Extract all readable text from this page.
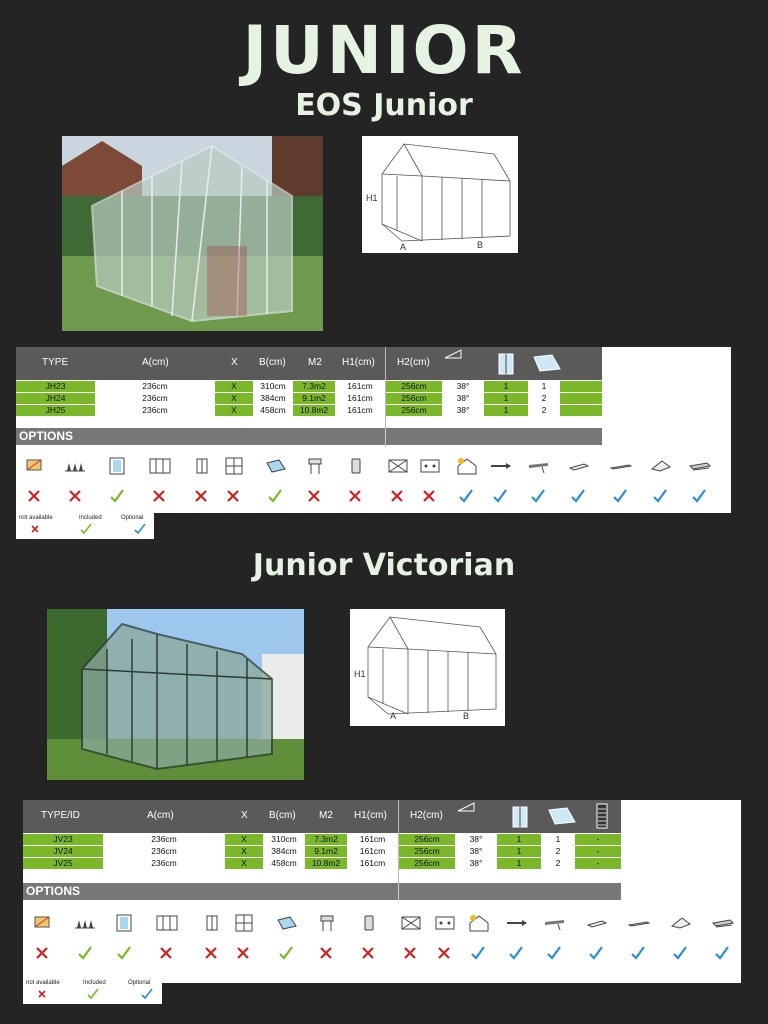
JUNIOR
EOS Junior
H1
A	B
TYPE	A(cm)	X B(cm) M2 H1(cm) H2(cm)
JH23	236cm	X	310cm	7.3m2	161cm	256cm	38°	1	1
JH24	236cm	X	384cm	9.1m2	161cm	256cm	38°	1	2
JH25	236cm	X	458cm	10.8m2	161cm	256cm	38°	1	2
OPTIONS
not available	Included	Optional
Junior Victorian
H1
A	B
TYPE/ID	A(cm)	X B(cm) M2 H1(cm) H2(cm)
JV23	236cm	X	310cm	7.3m2	161cm	256cm	38°	1	1	-
JV24	236cm	X	384cm	9.1m2	161cm	256cm	38°	1	2	-
JV25	236cm	X	458cm	10.8m2	161cm	256cm	38°	1	2	-
OPTIONS
not available	Included	Optional
